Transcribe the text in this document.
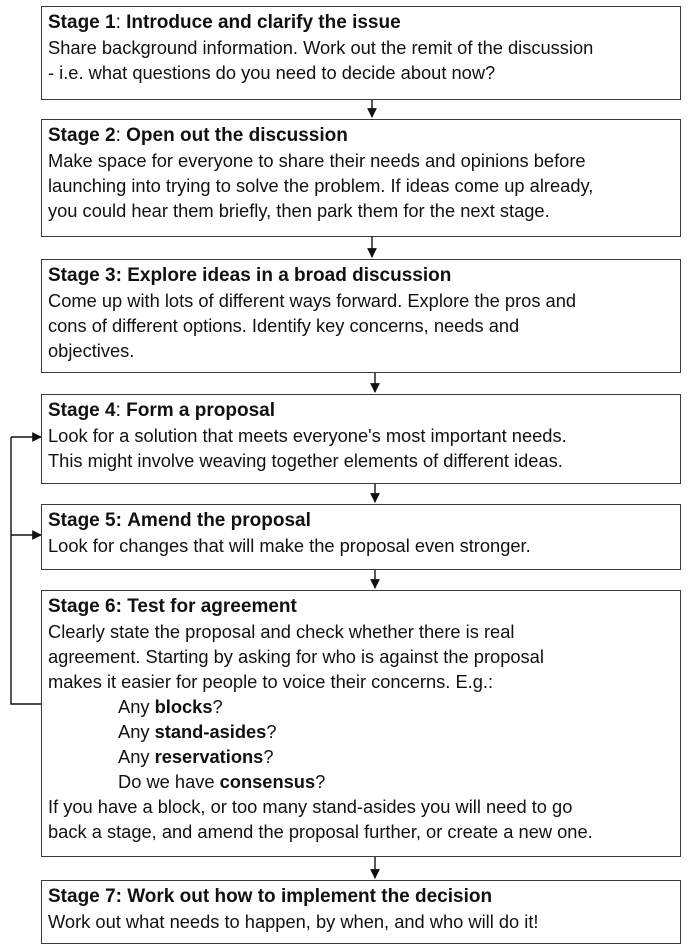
Stage 1: Introduce and clarify the issue
Share background information. Work out the remit of the discussion
- i.e. what questions do you need to decide about now?
Stage 2: Open out the discussion
Make space for everyone to share their needs and opinions before
launching into trying to solve the problem. If ideas come up already,
you could hear them briefly, then park them for the next stage.
Stage 3: Explore ideas in a broad discussion
Come up with lots of different ways forward. Explore the pros and
cons of different options. Identify key concerns, needs and
objectives.
Stage 4: Form a proposal
Look for a solution that meets everyone's most important needs.
This might involve weaving together elements of different ideas.
Stage 5: Amend the proposal
Look for changes that will make the proposal even stronger.
Stage 6: Test for agreement
Clearly state the proposal and check whether there is real
agreement. Starting by asking for who is against the proposal
makes it easier for people to voice their concerns. E.g.:
Any blocks?
Any stand-asides?
Any reservations?
Do we have consensus?
If you have a block, or too many stand-asides you will need to go
back a stage, and amend the proposal further, or create a new one.
Stage 7: Work out how to implement the decision
Work out what needs to happen, by when, and who will do it!
